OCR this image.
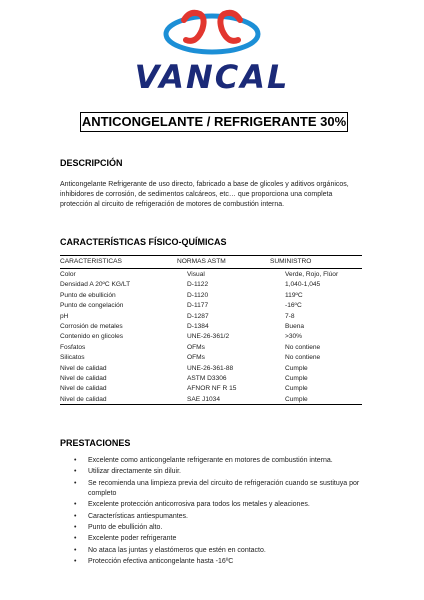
VANCAL
ANTICONGELANTE / REFRIGERANTE 30%
DESCRIPCIÓN
Anticongelante Refrigerante de uso directo, fabricado a base de glicoles y aditivos orgánicos,
inhibidores de corrosión, de sedimentos calcáreos, etc… que proporciona una completa
protección al circuito de refrigeración de motores de combustión interna.
CARACTERÍSTICAS FÍSICO-QUÍMICAS
CARACTERISTICAS	NORMAS ASTM	SUMINISTRO
Color	Visual	Verde, Rojo, Flúor
Densidad A 20ºC KG/LT	D-1122	1,040-1,045
Punto de ebullición	D-1120	119ºC
Punto de congelación	D-1177	-16ºC
pH	D-1287	7-8
Corrosión de metales	D-1384	Buena
Contenido en glicoles	UNE-26-361/2	>30%
Fosfatos	OFMs	No contiene
Silicatos	OFMs	No contiene
Nivel de calidad	UNE-26-361-88	Cumple
Nivel de calidad	ASTM D3306	Cumple
Nivel de calidad	AFNOR NF R 15	Cumple
Nivel de calidad	SAE J1034	Cumple
PRESTACIONES
• Excelente como anticongelante refrigerante en motores de combustión interna.
• Utilizar directamente sin diluir.
• Se recomienda una limpieza previa del circuito de refrigeración cuando se sustituya por completo
• Excelente protección anticorrosiva para todos los metales y aleaciones.
• Características antiespumantes.
• Punto de ebullición alto.
• Excelente poder refrigerante
• No ataca las juntas y elastómeros que estén en contacto.
• Protección efectiva anticongelante hasta -16ºC
